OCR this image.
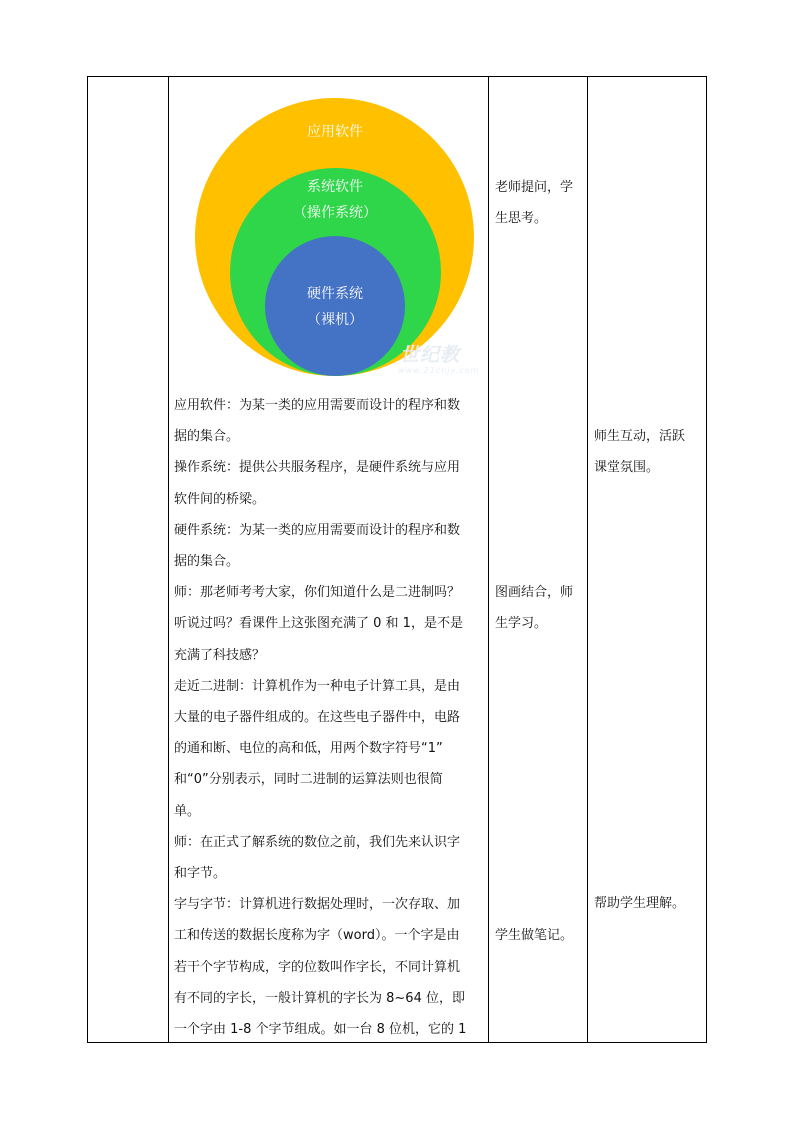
应用软件
系统软件
（操作系统）
硬件系统
（裸机）
世纪教
www.21cnjy.com
应用软件：为某一类的应用需要而设计的程序和数
据的集合。
操作系统：提供公共服务程序，是硬件系统与应用
软件间的桥梁。
硬件系统：为某一类的应用需要而设计的程序和数
据的集合。
师：那老师考考大家，你们知道什么是二进制吗？
听说过吗？看课件上这张图充满了 0 和 1，是不是
充满了科技感？
走近二进制：计算机作为一种电子计算工具，是由
大量的电子器件组成的。在这些电子器件中，电路
的通和断、电位的高和低，用两个数字符号“1”
和“0”分别表示，同时二进制的运算法则也很简
单。
师：在正式了解系统的数位之前，我们先来认识字
和字节。
字与字节：计算机进行数据处理时，一次存取、加
工和传送的数据长度称为字（word）。一个字是由
若干个字节构成，字的位数叫作字长，不同计算机
有不同的字长，一般计算机的字长为 8~64 位，即
一个字由 1-8 个字节组成。如一台 8 位机，它的 1
老师提问，学
生思考。
图画结合，师
生学习。
学生做笔记。
师生互动，活跃
课堂氛围。
帮助学生理解。
